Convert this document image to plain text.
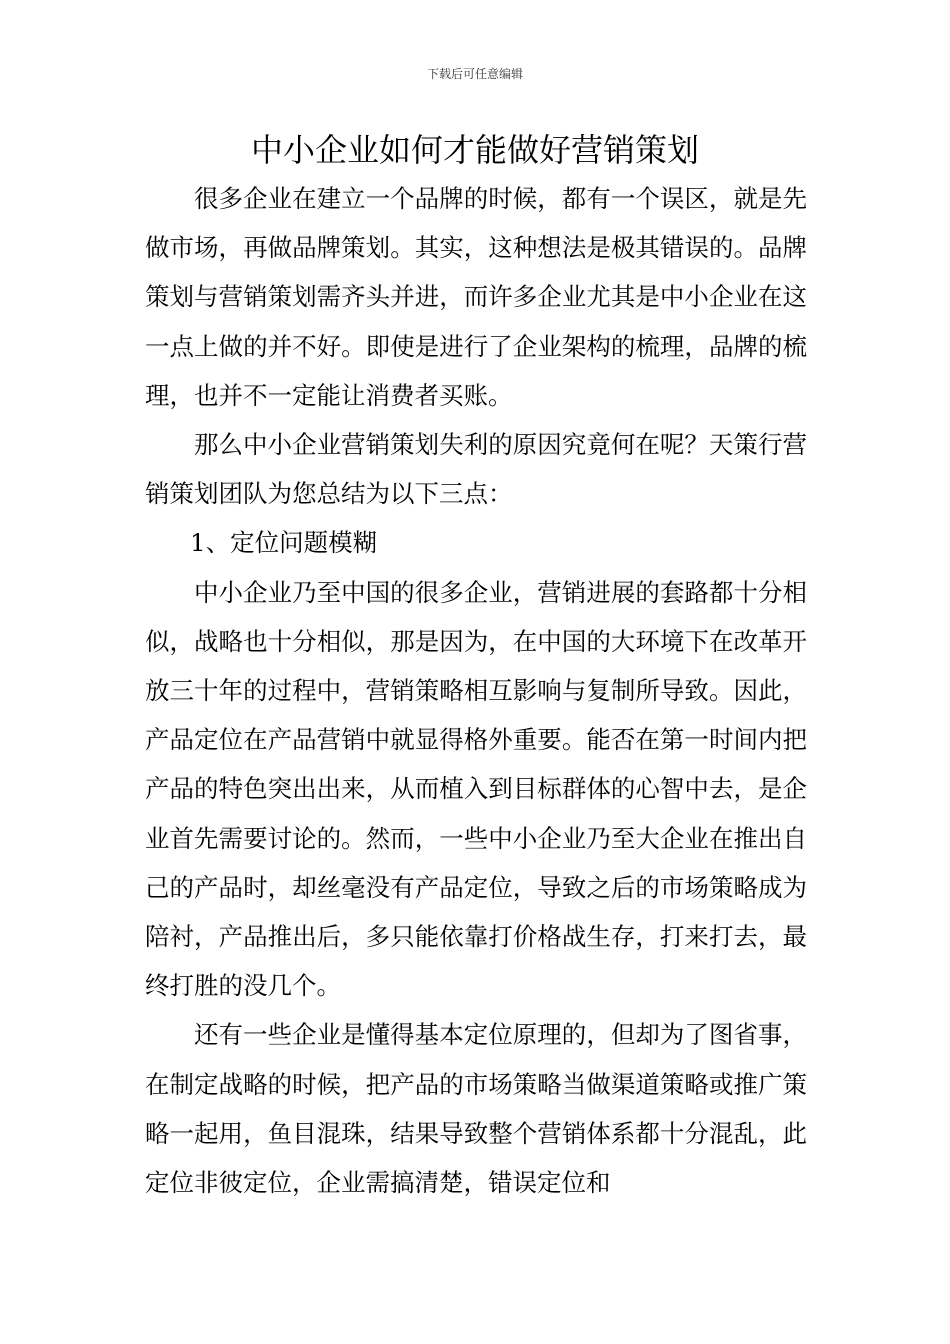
下载后可任意编辑
中小企业如何才能做好营销策划

很多企业在建立一个品牌的时候，都有一个误区，就是先做市场，再做品牌策划。其实，这种想法是极其错误的。品牌策划与营销策划需齐头并进，而许多企业尤其是中小企业在这一点上做的并不好。即使是进行了企业架构的梳理，品牌的梳理，也并不一定能让消费者买账。

那么中小企业营销策划失利的原因究竟何在呢？天策行营销策划团队为您总结为以下三点：

1、定位问题模糊

中小企业乃至中国的很多企业，营销进展的套路都十分相似，战略也十分相似，那是因为，在中国的大环境下在改革开放三十年的过程中，营销策略相互影响与复制所导致。因此，产品定位在产品营销中就显得格外重要。能否在第一时间内把产品的特色突出出来，从而植入到目标群体的心智中去，是企业首先需要讨论的。然而，一些中小企业乃至大企业在推出自己的产品时，却丝毫没有产品定位，导致之后的市场策略成为陪衬，产品推出后，多只能依靠打价格战生存，打来打去，最终打胜的没几个。

还有一些企业是懂得基本定位原理的，但却为了图省事，在制定战略的时候，把产品的市场策略当做渠道策略或推广策略一起用，鱼目混珠，结果导致整个营销体系都十分混乱，此定位非彼定位，企业需搞清楚，错误定位和
